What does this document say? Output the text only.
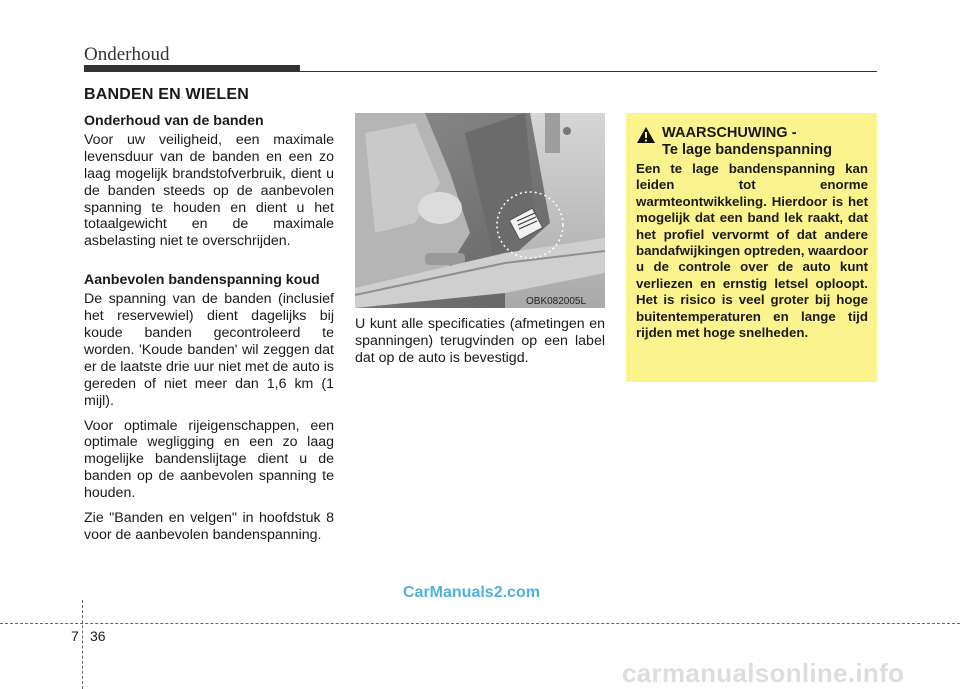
Onderhoud
BANDEN EN WIELEN

Onderhoud van de banden

Voor uw veiligheid, een maximale levensduur van de banden en een zo laag mogelijk brandstofverbruik, dient u de banden steeds op de aanbevolen spanning te houden en dient u het totaalgewicht en de maximale asbelasting niet te overschrijden.

Aanbevolen bandenspanning koud

De spanning van de banden (inclusief het reservewiel) dient dagelijks bij koude banden gecontroleerd te worden. 'Koude banden' wil zeggen dat er de laatste drie uur niet met de auto is gereden of niet meer dan 1,6 km (1 mijl).

Voor optimale rijeigenschappen, een optimale wegligging en een zo laag mogelijke bandenslijtage dient u de banden op de aanbevolen spanning te houden.

Zie "Banden en velgen" in hoofdstuk 8 voor de aanbevolen bandenspanning.

OBK082005L

U kunt alle specificaties (afmetingen en spanningen) terugvinden op een label dat op de auto is bevestigd.

WAARSCHUWING -
Te lage bandenspanning

Een te lage bandenspanning kan leiden tot enorme warmteontwikkeling. Hierdoor is het mogelijk dat een band lek raakt, dat het profiel vervormt of dat andere bandafwijkingen optreden, waardoor u de controle over de auto kunt verliezen en ernstig letsel oploopt. Het is risico is veel groter bij hoge buitentemperaturen en lange tijd rijden met hoge snelheden.

CarManuals2.com
7 36
carmanualsonline.info
